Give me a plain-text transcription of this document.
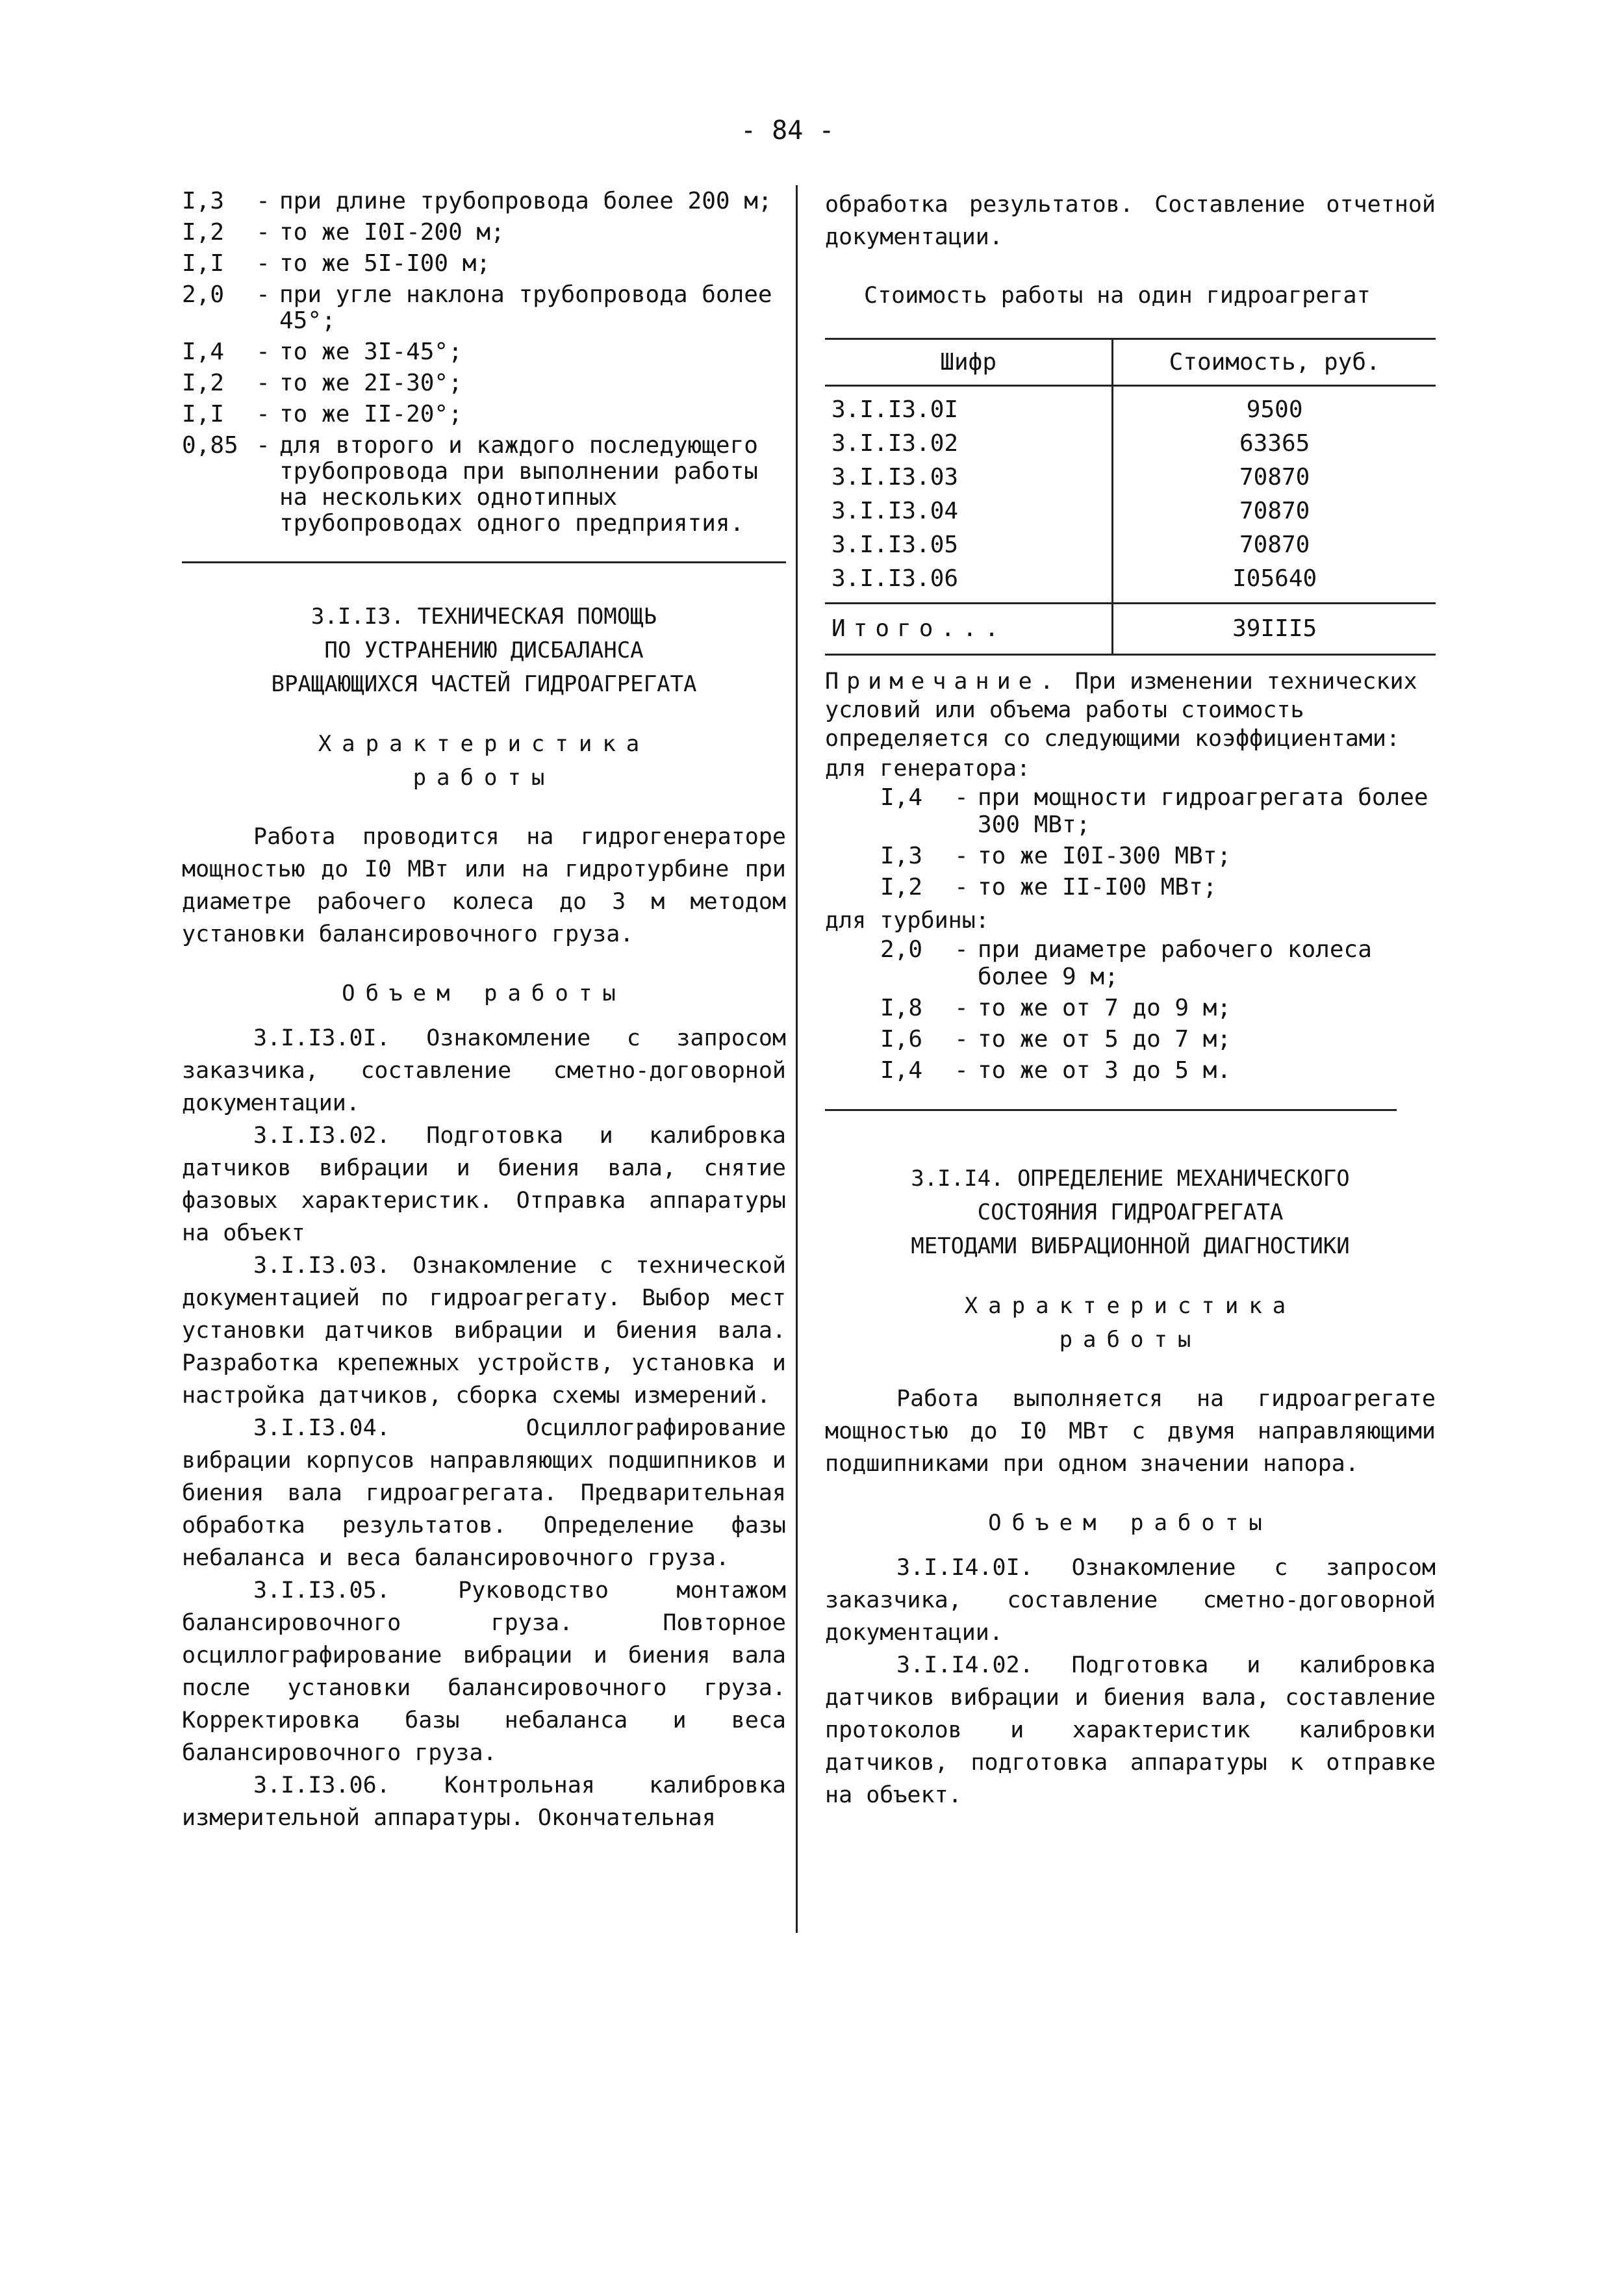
- 84 -
I,3	- при длине трубопровода более 200 м;
I,2	- то же I0I-200 м;
I,I	- то же 5I-I00 м;
2,0	- при угле наклона трубопровода более 45°;
I,4	- то же 3I-45°;
I,2	- то же 2I-30°;
I,I	- то же II-20°;
0,85 - для второго и каждого последующего трубопровода при выполнении работы на нескольких однотипных трубопроводах одного предприятия.
3.I.I3. ТЕХНИЧЕСКАЯ ПОМОЩЬ
ПО УСТРАНЕНИЮ ДИСБАЛАНСА
ВРАЩАЮЩИХСЯ ЧАСТЕЙ ГИДРОАГРЕГАТА
Характеристика
работы
Работа проводится на гидрогенераторе мощностью до I0 МВт или на гидротурбине при диаметре рабочего колеса до 3 м методом установки балансировочного груза.
Объем работы
3.I.I3.0I. Ознакомление с запросом заказчика, составление сметно-договорной документации.
3.I.I3.02. Подготовка и калибровка датчиков вибрации и биения вала, снятие фазовых характеристик. Отправка аппаратуры на объект
3.I.I3.03. Ознакомление с технической документацией по гидроагрегату. Выбор мест установки датчиков вибрации и биения вала. Разработка крепежных устройств, установка и настройка датчиков, сборка схемы измерений.
3.I.I3.04. Осциллографирование вибрации корпусов направляющих подшипников и биения вала гидроагрегата. Предварительная обработка результатов. Определение фазы небаланса и веса балансировочного груза.
3.I.I3.05. Руководство монтажом балансировочного груза. Повторное осциллографирование вибрации и биения вала после установки балансировочного груза. Корректировка базы небаланса и веса балансировочного груза.
3.I.I3.06. Контрольная калибровка измерительной аппаратуры. Окончательная
обработка результатов. Составление отчетной документации.
Стоимость работы на один гидроагрегат
Шифр	Стоимость, руб.
3.I.I3.0I	9500
3.I.I3.02	63365
3.I.I3.03	70870
3.I.I3.04	70870
3.I.I3.05	70870
3.I.I3.06	I05640
Итого...	39III5
Примечание. При изменении технических условий или объема работы стоимость определяется со следующими коэффициентами:
для генератора:
I,4	- при мощности гидроагрегата более 300 МВт;
I,3	- то же I0I-300 МВт;
I,2	- то же II-I00 МВт;
для турбины:
2,0	- при диаметре рабочего колеса более 9 м;
I,8	- то же от 7 до 9 м;
I,6	- то же от 5 до 7 м;
I,4	- то же от 3 до 5 м.
3.I.I4. ОПРЕДЕЛЕНИЕ МЕХАНИЧЕСКОГО
СОСТОЯНИЯ ГИДРОАГРЕГАТА
МЕТОДАМИ ВИБРАЦИОННОЙ ДИАГНОСТИКИ
Характеристика
работы
Работа выполняется на гидроагрегате мощностью до I0 МВт с двумя направляющими подшипниками при одном значении напора.
Объем работы
3.I.I4.0I. Ознакомление с запросом заказчика, составление сметно-договорной документации.
3.I.I4.02. Подготовка и калибровка датчиков вибрации и биения вала, составление протоколов и характеристик калибровки датчиков, подготовка аппаратуры к отправке на объект.
